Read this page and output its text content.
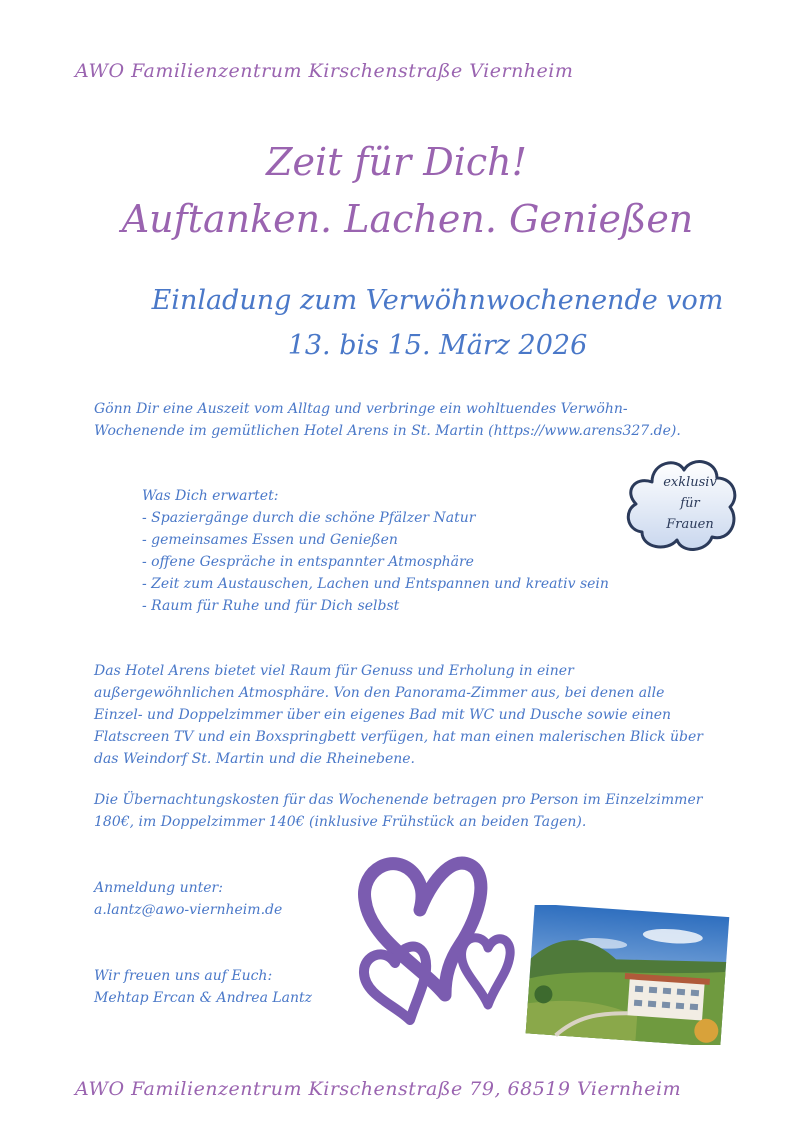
AWO Familienzentrum Kirschenstraße Viernheim
Zeit für Dich!
Auftanken. Lachen. Genießen
Einladung zum Verwöhnwochenende vom
13. bis 15. März 2026
Gönn Dir eine Auszeit vom Alltag und verbringe ein wohltuendes Verwöhn-
Wochenende im gemütlichen Hotel Arens in St. Martin (https://www.arens327.de).
exklusiv
für
Frauen
Was Dich erwartet:
- Spaziergänge durch die schöne Pfälzer Natur
- gemeinsames Essen und Genießen
- offene Gespräche in entspannter Atmosphäre
- Zeit zum Austauschen, Lachen und Entspannen und kreativ sein
- Raum für Ruhe und für Dich selbst
Das Hotel Arens bietet viel Raum für Genuss und Erholung in einer
außergewöhnlichen Atmosphäre. Von den Panorama-Zimmer aus, bei denen alle
Einzel- und Doppelzimmer über ein eigenes Bad mit WC und Dusche sowie einen
Flatscreen TV und ein Boxspringbett verfügen, hat man einen malerischen Blick über
das Weindorf St. Martin und die Rheinebene.
Die Übernachtungskosten für das Wochenende betragen pro Person im Einzelzimmer
180€, im Doppelzimmer 140€ (inklusive Frühstück an beiden Tagen).
Anmeldung unter:
a.lantz@awo-viernheim.de
Wir freuen uns auf Euch:
Mehtap Ercan & Andrea Lantz
AWO Familienzentrum Kirschenstraße 79, 68519 Viernheim
